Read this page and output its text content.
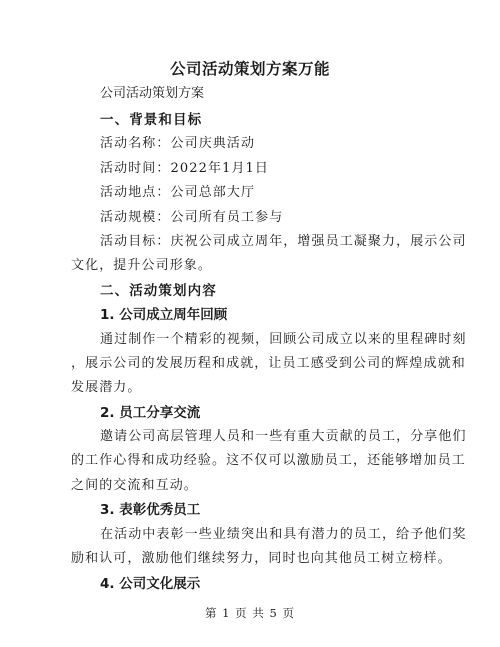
公司活动策划方案万能
公司活动策划方案
一、背景和目标
活动名称：公司庆典活动
活动时间：2022年1月1日
活动地点：公司总部大厅
活动规模：公司所有员工参与
活动目标：庆祝公司成立周年，增强员工凝聚力，展示公司
文化，提升公司形象。
二、活动策划内容
1. 公司成立周年回顾
通过制作一个精彩的视频，回顾公司成立以来的里程碑时刻
，展示公司的发展历程和成就，让员工感受到公司的辉煌成就和
发展潜力。
2. 员工分享交流
邀请公司高层管理人员和一些有重大贡献的员工，分享他们
的工作心得和成功经验。这不仅可以激励员工，还能够增加员工
之间的交流和互动。
3. 表彰优秀员工
在活动中表彰一些业绩突出和具有潜力的员工，给予他们奖
励和认可，激励他们继续努力，同时也向其他员工树立榜样。
4. 公司文化展示
第 1 页 共 5 页
